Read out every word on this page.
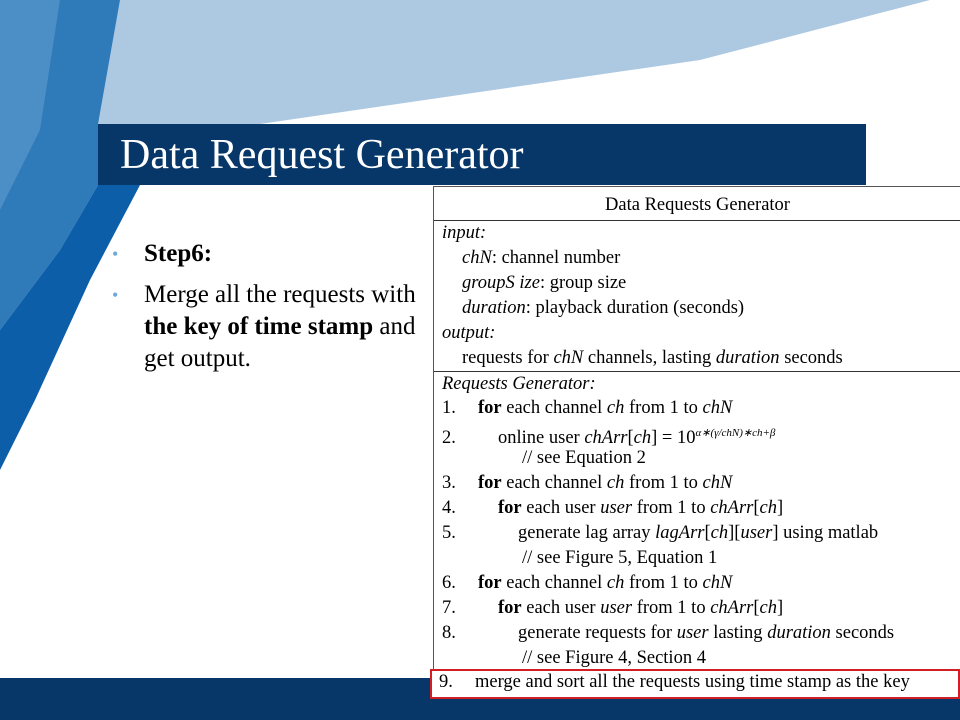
Data Request Generator
• Step6:
• Merge all the requests with the key of time stamp and get output.
Data Requests Generator
input:
chN: channel number
groupS ize: group size
duration: playback duration (seconds)
output:
requests for chN channels, lasting duration seconds
Requests Generator:
1. for each channel ch from 1 to chN
2. online user chArr[ch] = $10^{\alpha∗(\gamma/chN)∗ch+\beta}$
// see Equation 2
3. for each channel ch from 1 to chN
4. for each user user from 1 to chArr[ch]
5.	generate lag array lagArr[ch][user] using matlab
// see Figure 5, Equation 1
6. for each channel ch from 1 to chN
7. for each user user from 1 to chArr[ch]
8.	generate requests for user lasting duration seconds
// see Figure 4, Section 4
9. merge and sort all the requests using time stamp as the key
